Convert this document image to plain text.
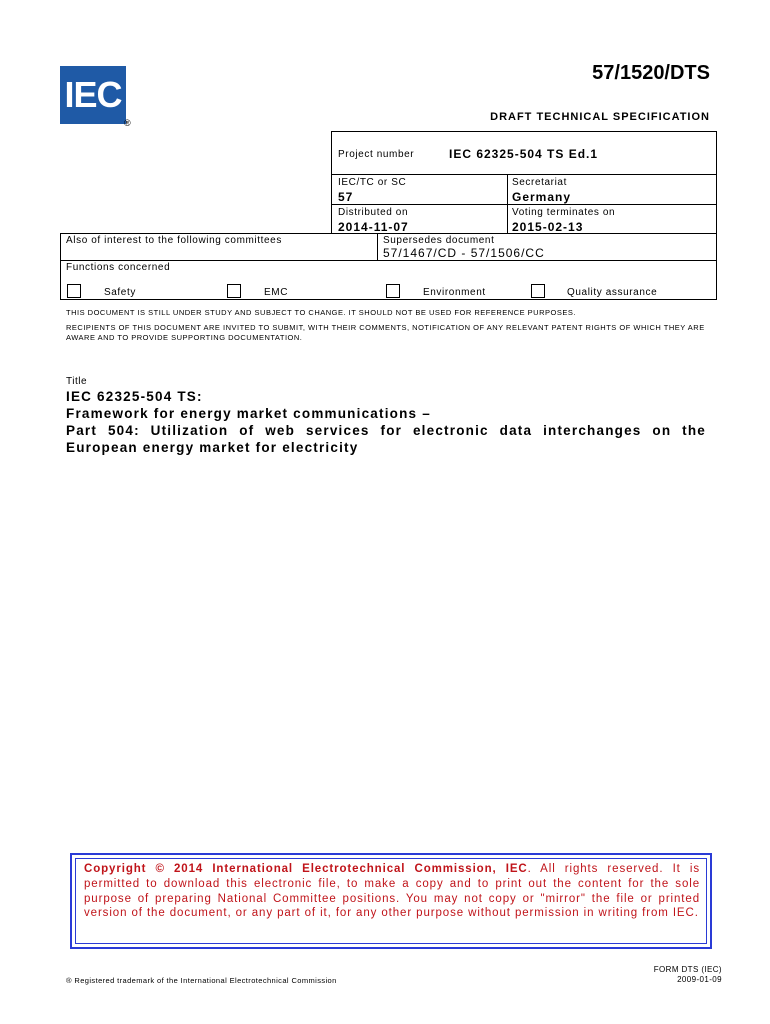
IEC
®
57/1520/DTS
DRAFT TECHNICAL SPECIFICATION
Project number	IEC 62325-504 TS Ed.1
IEC/TC or SC
57
Secretariat
Germany
Distributed on
2014-11-07
Voting terminates on
2015-02-13
Also of interest to the following committees	Supersedes document
57/1467/CD - 57/1506/CC
Functions concerned
Safety	EMC	Environment	Quality assurance
THIS DOCUMENT IS STILL UNDER STUDY AND SUBJECT TO CHANGE. IT SHOULD NOT BE USED FOR REFERENCE PURPOSES.
RECIPIENTS OF THIS DOCUMENT ARE INVITED TO SUBMIT, WITH THEIR COMMENTS, NOTIFICATION OF ANY RELEVANT PATENT RIGHTS OF WHICH THEY ARE AWARE AND TO PROVIDE SUPPORTING DOCUMENTATION.
Title
IEC 62325-504 TS:
Framework for energy market communications –
Part 504: Utilization of web services for electronic data interchanges on the European energy market for electricity
Copyright © 2014 International Electrotechnical Commission, IEC. All rights reserved. It is permitted to download this electronic file, to make a copy and to print out the content for the sole purpose of preparing National Committee positions. You may not copy or "mirror" the file or printed version of the document, or any part of it, for any other purpose without permission in writing from IEC.
® Registered trademark of the International Electrotechnical Commission
FORM DTS (IEC)
2009-01-09
